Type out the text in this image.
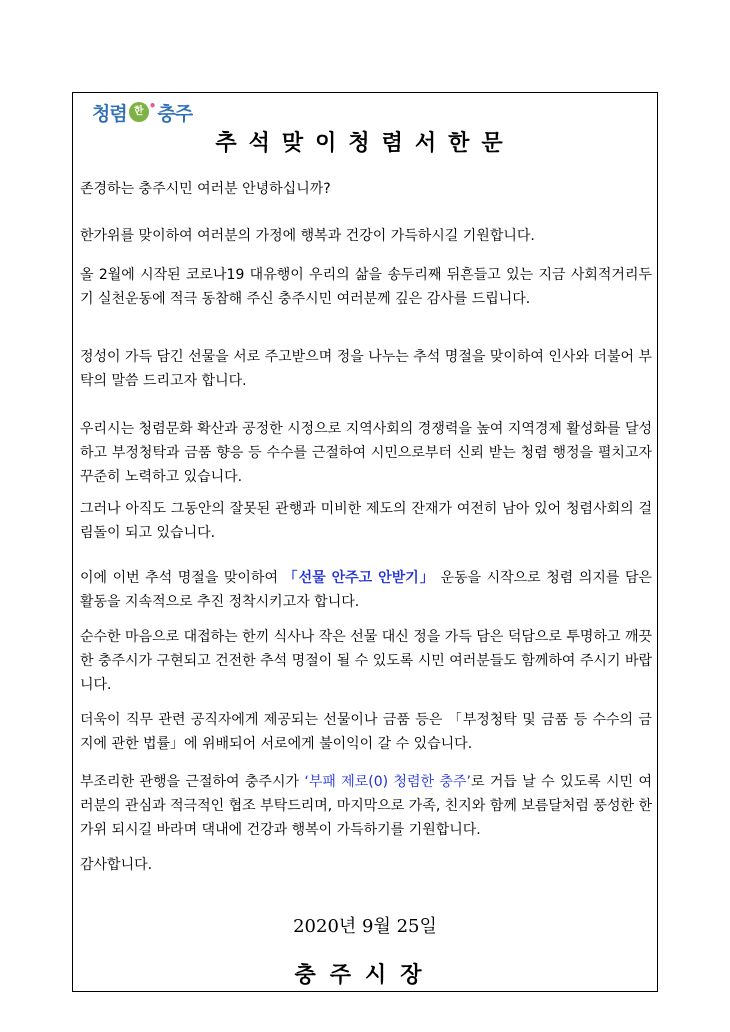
청렴 한 • 충주
추석맞이청렴서한문

존경하는 충주시민 여러분 안녕하십니까?

한가위를 맞이하여 여러분의 가정에 행복과 건강이 가득하시길 기원합니다.

올 2월에 시작된 코로나19 대유행이 우리의 삶을 송두리째 뒤흔들고 있는 지금 사회적거리두기 실천운동에 적극 동참해 주신 충주시민 여러분께 깊은 감사를 드립니다.

정성이 가득 담긴 선물을 서로 주고받으며 정을 나누는 추석 명절을 맞이하여 인사와 더불어 부탁의 말씀 드리고자 합니다.

우리시는 청렴문화 확산과 공정한 시정으로 지역사회의 경쟁력을 높여 지역경제 활성화를 달성하고 부정청탁과 금품 향응 등 수수를 근절하여 시민으로부터 신뢰 받는 청렴 행정을 펼치고자 꾸준히 노력하고 있습니다.

그러나 아직도 그동안의 잘못된 관행과 미비한 제도의 잔재가 여전히 남아 있어 청렴사회의 걸림돌이 되고 있습니다.

이에 이번 추석 명절을 맞이하여 「선물 안주고 안받기」 운동을 시작으로 청렴 의지를 담은 활동을 지속적으로 추진 정착시키고자 합니다.

순수한 마음으로 대접하는 한끼 식사나 작은 선물 대신 정을 가득 담은 덕담으로 투명하고 깨끗한 충주시가 구현되고 건전한 추석 명절이 될 수 있도록 시민 여러분들도 함께하여 주시기 바랍니다.

더욱이 직무 관련 공직자에게 제공되는 선물이나 금품 등은 「부정청탁 및 금품 등 수수의 금지에 관한 법률」에 위배되어 서로에게 불이익이 갈 수 있습니다.

부조리한 관행을 근절하여 충주시가 ‘부패 제로(0) 청렴한 충주’로 거듭 날 수 있도록 시민 여러분의 관심과 적극적인 협조 부탁드리며, 마지막으로 가족, 친지와 함께 보름달처럼 풍성한 한가위 되시길 바라며 댁내에 건강과 행복이 가득하기를 기원합니다.

감사합니다.

2020년 9월 25일
충주시장
